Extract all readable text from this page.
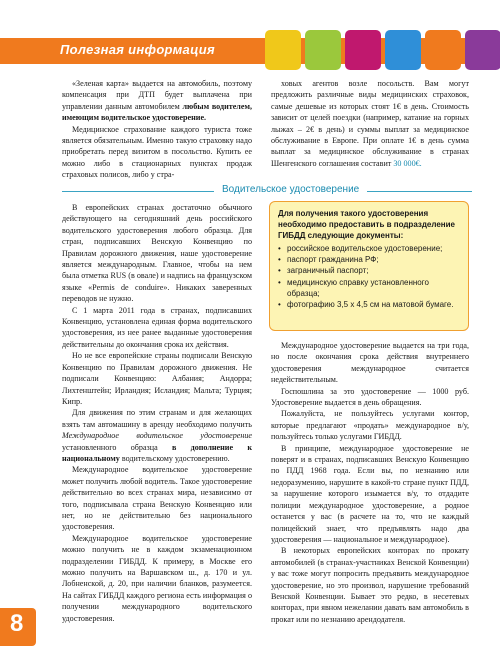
Полезная информация

«Зеленая карта» выдается на автомобиль, поэтому компенсация при ДТП будет выплачена при управлении данным автомобилем любым водителем, имеющим водительское удостоверение.

Медицинское страхование каждого туриста тоже является обязательным. Именно такую страховку надо приобретать перед визитом в посольство. Купить ее можно либо в стационарных пунктах продаж страховых полисов, либо у стра-

ховых агентов возле посольств. Вам могут предложить различные виды медицинских страховок, самые дешевые из которых стоят 1€ в день. Стоимость зависит от целей поездки (например, катание на горных лыжах – 2€ в день) и суммы выплат за медицинское обслуживание в Европе. При оплате 1€ в день сумма выплат за медицинское обслуживание в странах Шенгенского соглашения составит 30 000€.

Водительское удостоверение

В европейских странах достаточно обычного действующего на сегодняшний день российского водительского удостоверения любого образца. Для стран, подписавших Венскую Конвенцию по Правилам дорожного движения, наше удостоверение является международным. Главное, чтобы на нем была отметка RUS (в овале) и надпись на французском языке «Permis de conduire». Никаких заверенных переводов не нужно.

С 1 марта 2011 года в странах, подписавших Конвенцию, установлена единая форма водительского удостоверения, из нее ранее выданные удостоверения действительны до окончания срока их действия.

Но не все европейские страны подписали Венскую Конвенцию по Правилам дорожного движения. Не подписали Конвенцию: Албания; Андорра; Лихтенштейн; Ирландия; Исландия; Мальта; Турция; Кипр.

Для движения по этим странам и для желающих взять там автомашину в аренду необходимо получить Международное водительское удостоверение установленного образца в дополнение к национальному водительскому удостоверению.

Международное водительское удостоверение может получить любой водитель. Такое удостоверение действительно во всех странах мира, независимо от того, подписывала страна Венскую Конвенцию или нет, но не действительно без национального удостоверения.

Международное водительское удостоверение можно получить не в каждом экзаменационном подразделении ГИБДД. К примеру, в Москве его можно получить на Варшавском ш., д. 170 и ул. Лобненской, д. 20, при наличии бланков, разумеется. На сайтах ГИБДД каждого региона есть информация о получении международного водительского удостоверения.

Для получения такого удостоверения необходимо предоставить в подразделение ГИБДД следующие документы:
• российское водительское удостоверение;
• паспорт гражданина РФ;
• заграничный паспорт;
• медицинскую справку установленного образца;
• фотографию 3,5 х 4,5 см на матовой бумаге.

Международное удостоверение выдается на три года, но после окончания срока действия внутреннего удостоверения международное считается недействительным.

Госпошлина за это удостоверение — 1000 руб. Удостоверение выдается в день обращения.

Пожалуйста, не пользуйтесь услугами контор, которые предлагают «продать» международное в/у, пользуйтесь только услугами ГИБДД.

В принципе, международное удостоверение не поверят и в странах, подписавших Венскую Конвенцию по ПДД 1968 года. Если вы, по незнанию или недоразумению, нарушите в какой-то стране пункт ПДД, за нарушение которого изымается в/у, то отдадите полиции международное удостоверение, а родное останется у вас (в расчете на то, что не каждый полицейский знает, что предъявлять надо два удостоверения — национальное и международное).

В некоторых европейских конторах по прокату автомобилей (в странах-участниках Венской Конвенции) у вас тоже могут попросить предъявить международное удостоверение, но это произвол, нарушение требований Венской Конвенции. Бывает это редко, в несетевых конторах, при явном нежелании давать вам автомобиль в прокат или по незнанию арендодателя.

8
